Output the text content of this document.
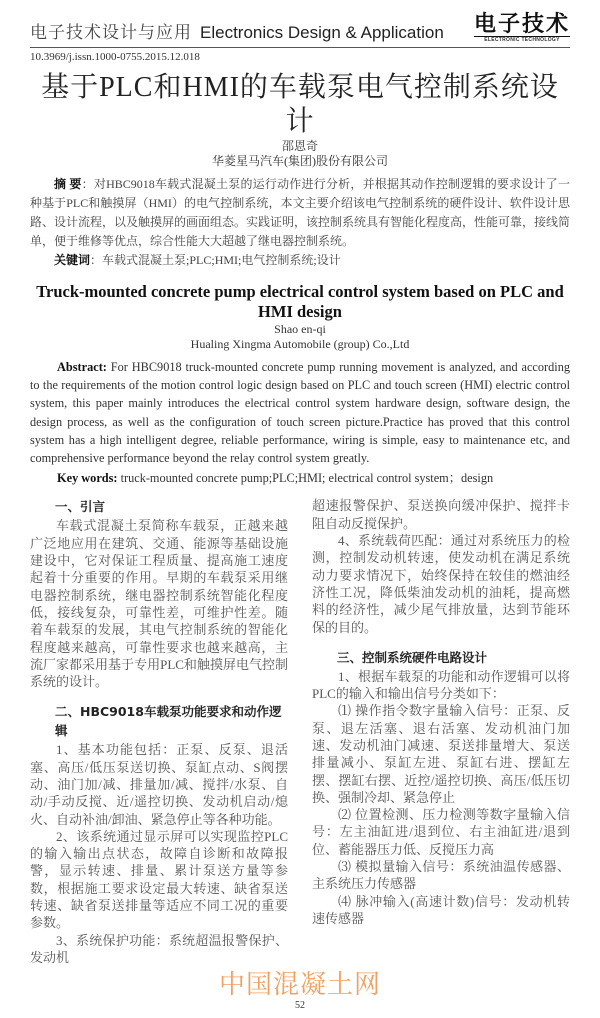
电子技术设计与应用 Electronics Design & Application 电子技术
ELECTRONIC TECHNOLOGY
10.3969/j.issn.1000-0755.2015.12.018
基于PLC和HMI的车载泵电气控制系统设计
邵恩奇
华菱星马汽车(集团)股份有限公司
摘 要：对HBC9018车载式混凝土泵的运行动作进行分析，并根据其动作控制逻辑的要求设计了一种基于PLC和触摸屏（HMI）的电气控制系统，本文主要介绍该电气控制系统的硬件设计、软件设计思路、设计流程，以及触摸屏的画面组态。实践证明，该控制系统具有智能化程度高，性能可靠，接线简单，便于维修等优点，综合性能大大超越了继电器控制系统。
关键词：车载式混凝土泵;PLC;HMI;电气控制系统;设计
Truck-mounted concrete pump electrical control system based on PLC and HMI design
Shao en-qi
Hualing Xingma Automobile (group) Co.,Ltd
Abstract: For HBC9018 truck-mounted concrete pump running movement is analyzed, and according to the requirements of the motion control logic design based on PLC and touch screen (HMI) electric control system, this paper mainly introduces the electrical control system hardware design, software design, the design process, as well as the configuration of touch screen picture.Practice has proved that this control system has a high intelligent degree, reliable performance, wiring is simple, easy to maintenance etc, and comprehensive performance beyond the relay control system greatly.
Key words: truck-mounted concrete pump;PLC;HMI; electrical control system；design
一、引言

车载式混凝土泵简称车载泵，正越来越广泛地应用在建筑、交通、能源等基础设施建设中，它对保证工程质量、提高施工速度起着十分重要的作用。早期的车载泵采用继电器控制系统，继电器控制系统智能化程度低，接线复杂，可靠性差，可维护性差。随着车载泵的发展，其电气控制系统的智能化程度越来越高，可靠性要求也越来越高，主流厂家都采用基于专用PLC和触摸屏电气控制系统的设计。

二、HBC9018车载泵功能要求和动作逻辑

1、基本功能包括：正泵、反泵、退活塞、高压/低压泵送切换、泵缸点动、S阀摆动、油门加/减、排量加/减、搅拌/水泵、自动/手动反搅、近/遥控切换、发动机启动/熄火、自动补油/卸油、紧急停止等各种功能。

2、该系统通过显示屏可以实现监控PLC的输入输出点状态，故障自诊断和故障报警，显示转速、排量、累计泵送方量等参数，根据施工要求设定最大转速、缺省泵送转速、缺省泵送排量等适应不同工况的重要参数。

3、系统保护功能：系统超温报警保护、发动机

超速报警保护、泵送换向缓冲保护、搅拌卡阻自动反搅保护。

4、系统载荷匹配：通过对系统压力的检测，控制发动机转速，使发动机在满足系统动力要求情况下，始终保持在较佳的燃油经济性工况，降低柴油发动机的油耗，提高燃料的经济性，减少尾气排放量，达到节能环保的目的。

三、控制系统硬件电路设计

1、根据车载泵的功能和动作逻辑可以将PLC的输入和输出信号分类如下：

⑴ 操作指令数字量输入信号：正泵、反泵、退左活塞、退右活塞、发动机油门加速、发动机油门减速、泵送排量增大、泵送排量减小、泵缸左进、泵缸右进、摆缸左摆、摆缸右摆、近控/遥控切换、高压/低压切换、强制冷却、紧急停止

⑵ 位置检测、压力检测等数字量输入信号：左主油缸进/退到位、右主油缸进/退到位、蓄能器压力低、反搅压力高

⑶ 模拟量输入信号：系统油温传感器、主系统压力传感器

⑷ 脉冲输入(高速计数)信号：发动机转速传感器

中国混凝土网
52
